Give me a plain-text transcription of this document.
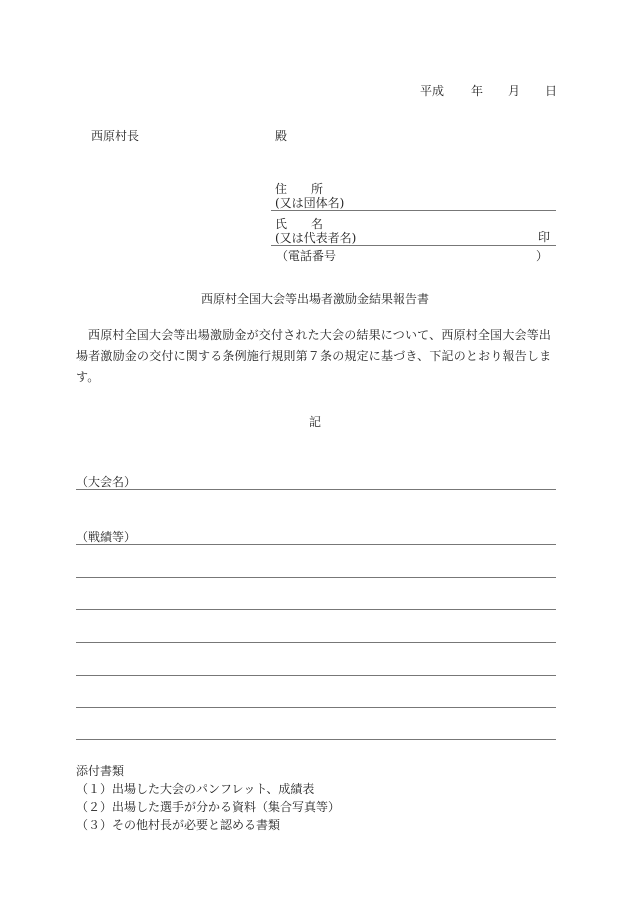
平成 年 月 日
西原村長	殿
住　　所
(又は団体名)
氏　　名
(又は代表者名)	印
（電話番号	）
西原村全国大会等出場者激励金結果報告書
西原村全国大会等出場激励金が交付された大会の結果について、西原村全国大会等出場者激励金の交付に関する条例施行規則第７条の規定に基づき、下記のとおり報告します。
記
（大会名）
（戦績等）
添付書類
（１）出場した大会のパンフレット、成績表
（２）出場した選手が分かる資料（集合写真等）
（３）その他村長が必要と認める書類
